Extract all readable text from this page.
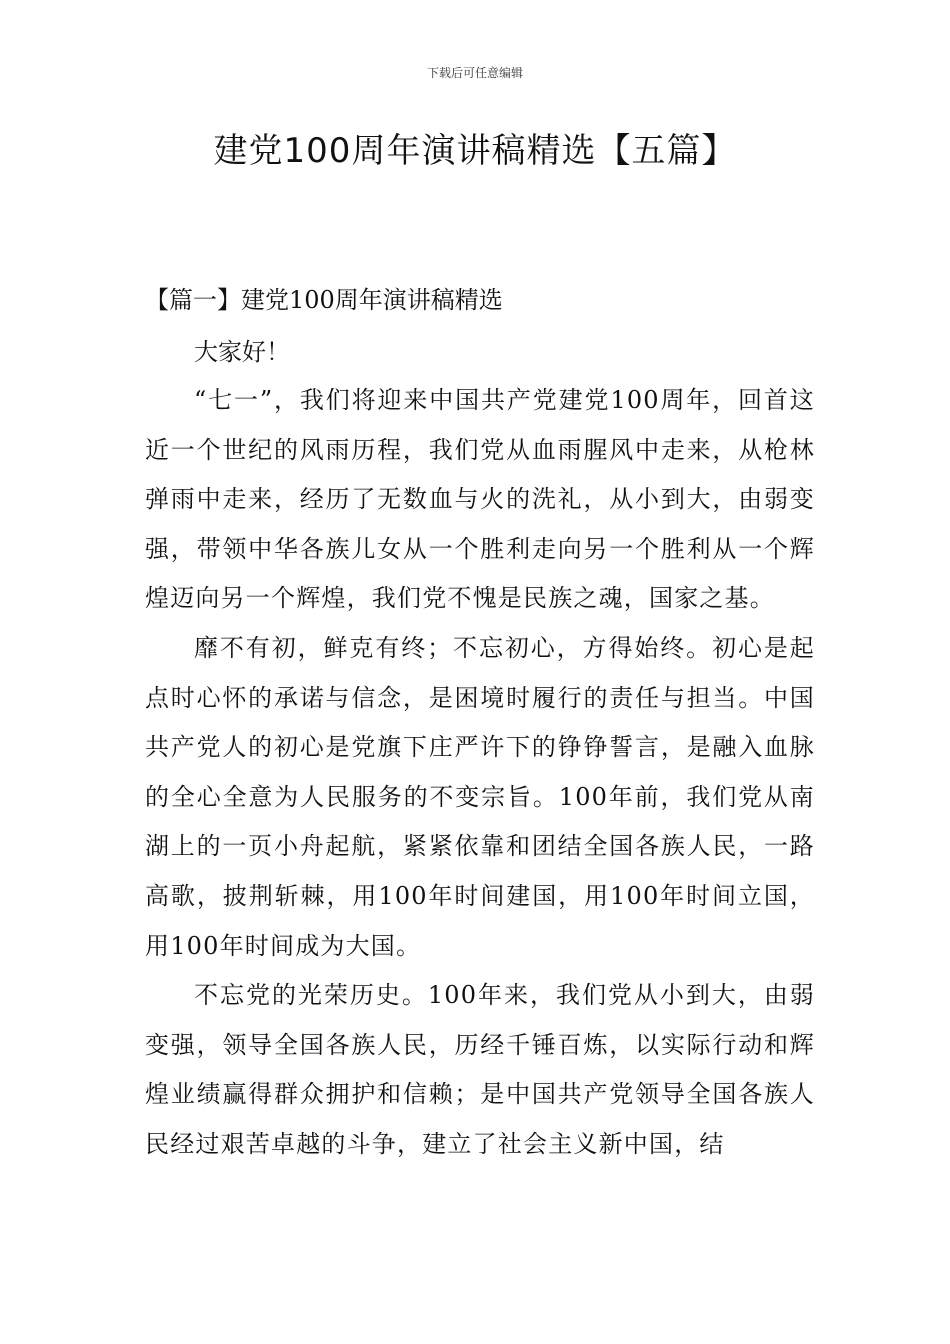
下载后可任意编辑
建党100周年演讲稿精选【五篇】
【篇一】建党100周年演讲稿精选

大家好！

“七一”，我们将迎来中国共产党建党100周年，回首这近一个世纪的风雨历程，我们党从血雨腥风中走来，从枪林弹雨中走来，经历了无数血与火的洗礼，从小到大，由弱变强，带领中华各族儿女从一个胜利走向另一个胜利从一个辉煌迈向另一个辉煌，我们党不愧是民族之魂，国家之基。

靡不有初，鲜克有终；不忘初心，方得始终。初心是起点时心怀的承诺与信念，是困境时履行的责任与担当。中国共产党人的初心是党旗下庄严许下的铮铮誓言，是融入血脉的全心全意为人民服务的不变宗旨。100年前，我们党从南湖上的一页小舟起航，紧紧依靠和团结全国各族人民，一路高歌，披荆斩棘，用100年时间建国，用100年时间立国，用100年时间成为大国。

不忘党的光荣历史。100年来，我们党从小到大，由弱变强，领导全国各族人民，历经千锤百炼，以实际行动和辉煌业绩赢得群众拥护和信赖；是中国共产党领导全国各族人民经过艰苦卓越的斗争，建立了社会主义新中国，结
